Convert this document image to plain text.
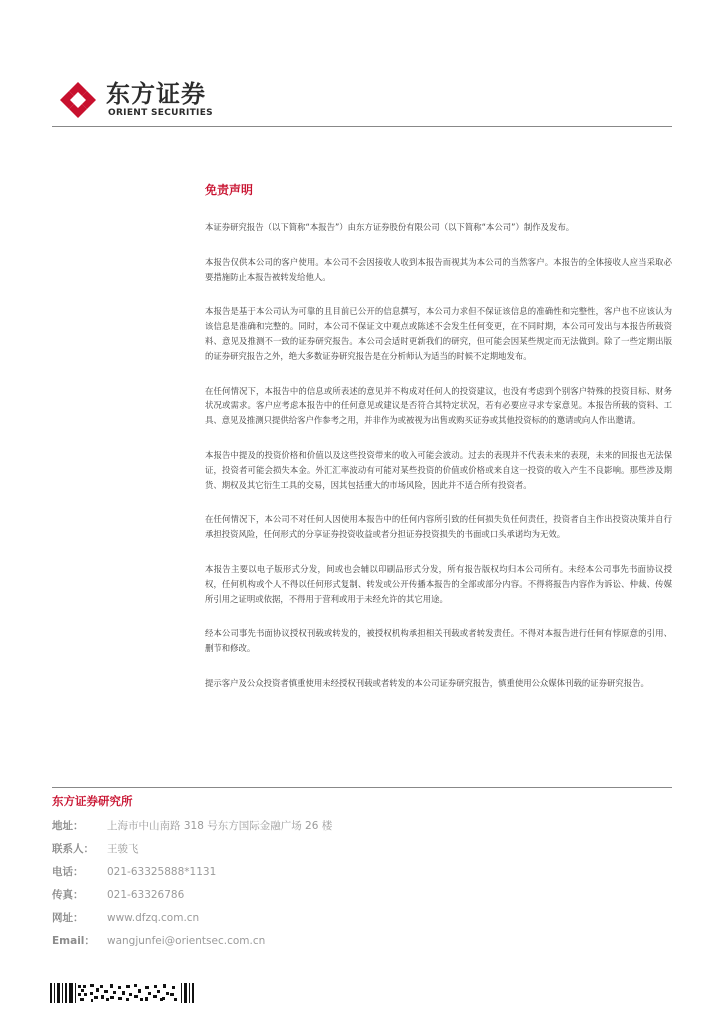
东方证券
ORIENT SECURITIES
免责声明

本证券研究报告（以下简称“本报告”）由东方证券股份有限公司（以下简称“本公司”）制作及发布。

本报告仅供本公司的客户使用。本公司不会因接收人收到本报告而视其为本公司的当然客户。本报告的全体接收人应当采取必要措施防止本报告被转发给他人。

本报告是基于本公司认为可靠的且目前已公开的信息撰写，本公司力求但不保证该信息的准确性和完整性，客户也不应该认为该信息是准确和完整的。同时，本公司不保证文中观点或陈述不会发生任何变更，在不同时期，本公司可发出与本报告所载资料、意见及推测不一致的证券研究报告。本公司会适时更新我们的研究，但可能会因某些规定而无法做到。除了一些定期出版的证券研究报告之外，绝大多数证券研究报告是在分析师认为适当的时候不定期地发布。

在任何情况下，本报告中的信息或所表述的意见并不构成对任何人的投资建议，也没有考虑到个别客户特殊的投资目标、财务状况或需求。客户应考虑本报告中的任何意见或建议是否符合其特定状况，若有必要应寻求专家意见。本报告所载的资料、工具、意见及推测只提供给客户作参考之用，并非作为或被视为出售或购买证券或其他投资标的的邀请或向人作出邀请。

本报告中提及的投资价格和价值以及这些投资带来的收入可能会波动。过去的表现并不代表未来的表现，未来的回报也无法保证，投资者可能会损失本金。外汇汇率波动有可能对某些投资的价值或价格或来自这一投资的收入产生不良影响。那些涉及期货、期权及其它衍生工具的交易，因其包括重大的市场风险，因此并不适合所有投资者。

在任何情况下，本公司不对任何人因使用本报告中的任何内容所引致的任何损失负任何责任，投资者自主作出投资决策并自行承担投资风险，任何形式的分享证券投资收益或者分担证券投资损失的书面或口头承诺均为无效。

本报告主要以电子版形式分发，间或也会辅以印刷品形式分发，所有报告版权均归本公司所有。未经本公司事先书面协议授权，任何机构或个人不得以任何形式复制、转发或公开传播本报告的全部或部分内容。不得将报告内容作为诉讼、仲裁、传媒所引用之证明或依据，不得用于营利或用于未经允许的其它用途。

经本公司事先书面协议授权刊载或转发的，被授权机构承担相关刊载或者转发责任。不得对本报告进行任何有悖原意的引用、删节和修改。

提示客户及公众投资者慎重使用未经授权刊载或者转发的本公司证券研究报告，慎重使用公众媒体刊载的证券研究报告。

东方证券研究所
地址： 上海市中山南路 318 号东方国际金融广场 26 楼
联系人： 王骏飞
电话： 021-63325888*1131
传真： 021-63326786
网址： www.dfzq.com.cn
Email： wangjunfei@orientsec.com.cn
